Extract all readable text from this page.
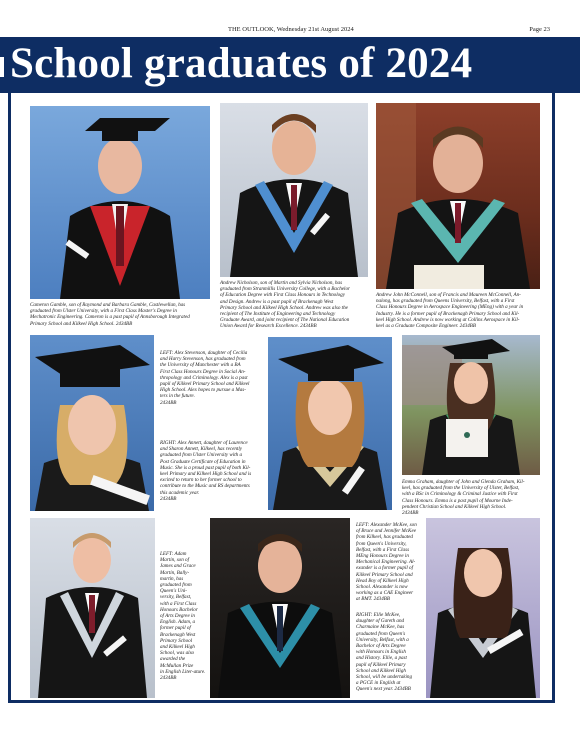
THE OUTLOOK, Wednesday 21st August 2024	Page 23
School graduates of 2024
Cameron Gamble, son of Raymond and Barbara Gamble, Castlewellan, has
graduated from Ulster University, with a First Class Master's Degree in
Mechatronic Engineering. Cameron is a past pupil of Annsborough Integrated
Primary School and Kilkeel High School. 2434BB
Andrew Nicholson, son of Martin and Sylvia Nicholson, has
graduated from Stranmillis University College, with a Bachelor
of Education Degree with First Class Honours in Technology
and Design. Andrew is a past pupil of Brackenagh West
Primary School and Kilkeel High School. Andrew was also the
recipient of The Institute of Engineering and Technology
Graduate Award, and joint recipient of The National Education
Union Award for Research Excellence. 2434BB
Andrew John McConnell, son of Francis and Maureen McConnell, An-
nalong, has graduated from Queens University, Belfast, with a First
Class Honours Degree in Aerospace Engineering (MEng) with a year in
Industry. He is a former pupil of Brackenagh Primary School and Kil-
keel High School. Andrew is now working at Collins Aerospace in Kil-
keel as a Graduate Composite Engineer. 2434BB
LEFT: Alex Stevenson, daughter of Cecilia
and Harry Stevenson, has graduated from
the University of Manchester with a BA
First Class Honours Degree in Social An-
thropology and Criminology. Alex is a past
pupil of Kilkeel Primary School and Kilkeel
High School. Alex hopes to pursue a Mas-
ters in the future.
2434BB
RIGHT: Alex Annett, daughter of Laurence
and Sharon Annett, Kilkeel, has recently
graduated from Ulster University with a
Post Graduate Certificate of Education in
Music. She is a proud past pupil of both Kil-
keel Primary and Kilkeel High School and is
excited to return to her former school to
contribute to the Music and RS departments
this academic year.
2434BB
Emma Graham, daughter of John and Glenda Graham, Kil-
keel, has graduated from the University of Ulster, Belfast,
with a BSc in Criminology & Criminal Justice with First
Class Honours. Emma is a past pupil of Mourne Inde-
pendent Christian School and Kilkeel High School.
2434BB
LEFT: Adam
Martin, son of
James and Grace
Martin, Bally-
martin, has
graduated from
Queen's Uni-
versity, Belfast,
with a First Class
Honours Bachelor
of Arts Degree in
English. Adam, a
former pupil of
Brackenagh West
Primary School
and Kilkeel High
School, was also
awarded the
McMullan Prize
in English Liter-ature. 2434BB
LEFT: Alexander McKee, son
of Bruce and Jennifer McKee
from Kilkeel, has graduated
from Queen's University,
Belfast, with a First Class
MEng Honours Degree in
Mechanical Engineering. Al-
exander is a former pupil of
Kilkeel Primary School and
Head Boy of Kilkeel High
School. Alexander is now
working as a CAE Engineer
at BMT. 2434BB
RIGHT: Ellie McKee,
daughter of Gareth and
Charmaine McKee, has
graduated from Queen's
University, Belfast, with a
Bachelor of Arts Degree
with Honours in English
and History. Ellie, a past
pupil of Kilkeel Primary
School and Kilkeel High
School, will be undertaking
a PGCE in English at
Queen's next year. 2434BB
